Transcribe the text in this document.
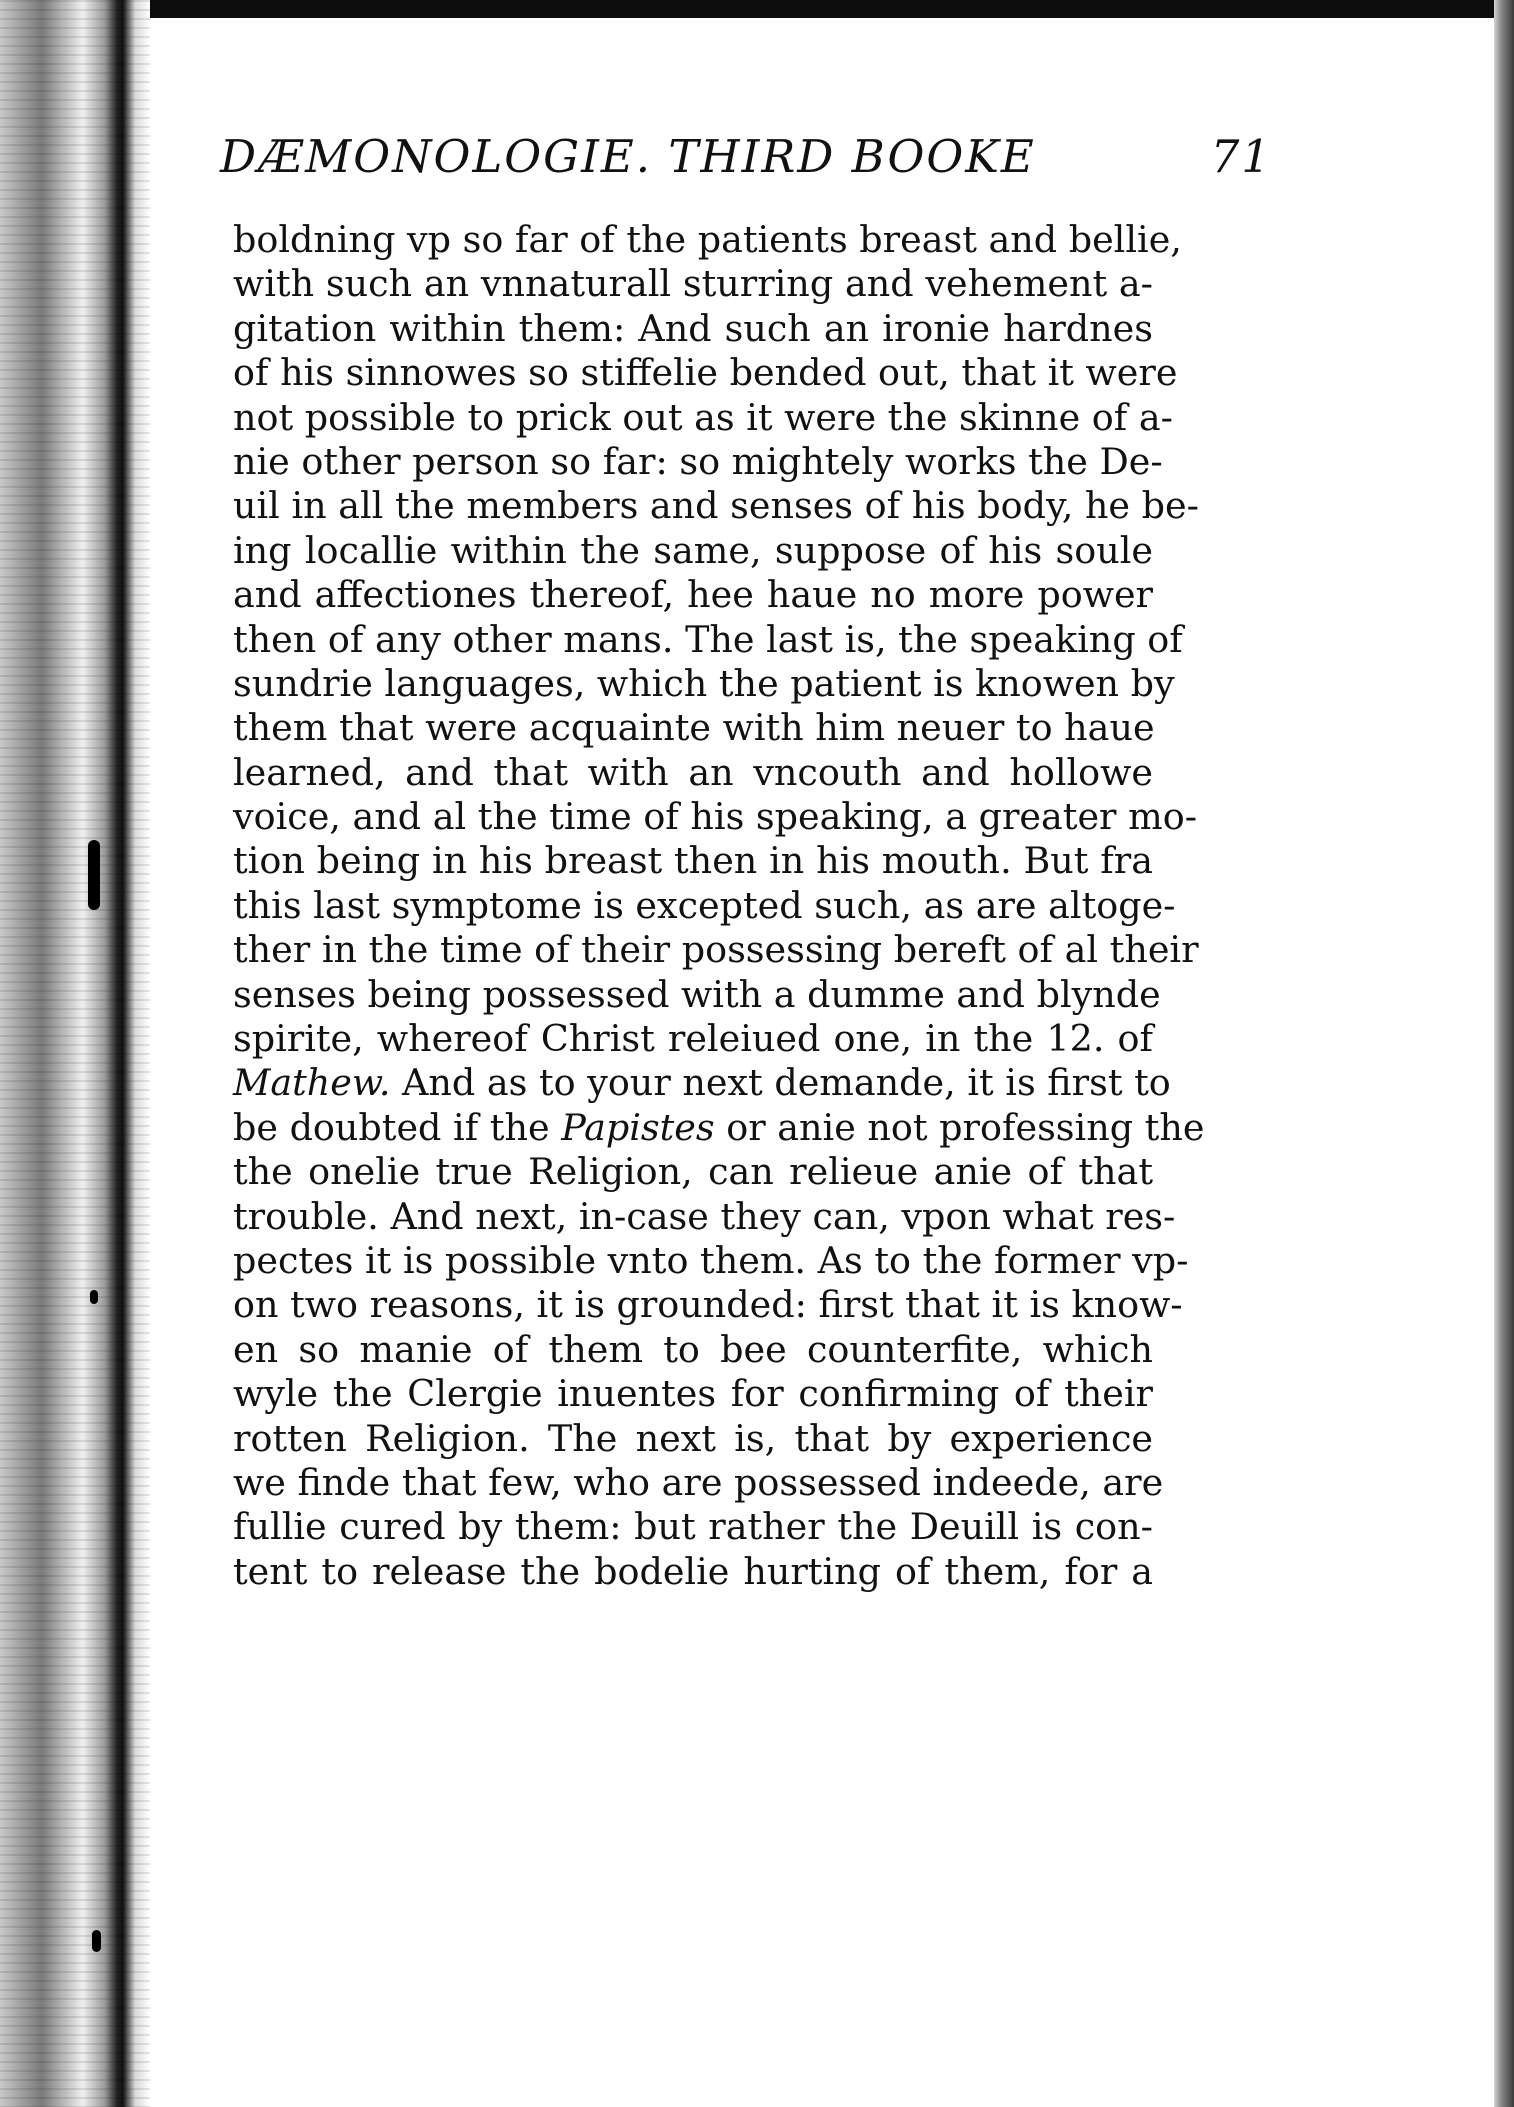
DÆMONOLOGIE. THIRD BOOKE	71
boldning vp so far of the patients breast and bellie,
with such an vnnaturall sturring and vehement a-
gitation within them: And such an ironie hardnes
of his sinnowes so stiffelie bended out, that it were
not possible to prick out as it were the skinne of a-
nie other person so far: so mightely works the De-
uil in all the members and senses of his body, he be-
ing locallie within the same, suppose of his soule
and affectiones thereof, hee haue no more power
then of any other mans. The last is, the speaking of
sundrie languages, which the patient is knowen by
them that were acquainte with him neuer to haue
learned, and that with an vncouth and hollowe
voice, and al the time of his speaking, a greater mo-
tion being in his breast then in his mouth. But fra
this last symptome is excepted such, as are altoge-
ther in the time of their possessing bereft of al their
senses being possessed with a dumme and blynde
spirite, whereof Christ releiued one, in the 12. of
Mathew. And as to your next demande, it is first to
be doubted if the Papistes or anie not professing the
the onelie true Religion, can relieue anie of that
trouble. And next, in-case they can, vpon what res-
pectes it is possible vnto them. As to the former vp-
on two reasons, it is grounded: first that it is know-
en so manie of them to bee counterfite, which
wyle the Clergie inuentes for confirming of their
rotten Religion. The next is, that by experience
we finde that few, who are possessed indeede, are
fullie cured by them: but rather the Deuill is con-
tent to release the bodelie hurting of them, for a
